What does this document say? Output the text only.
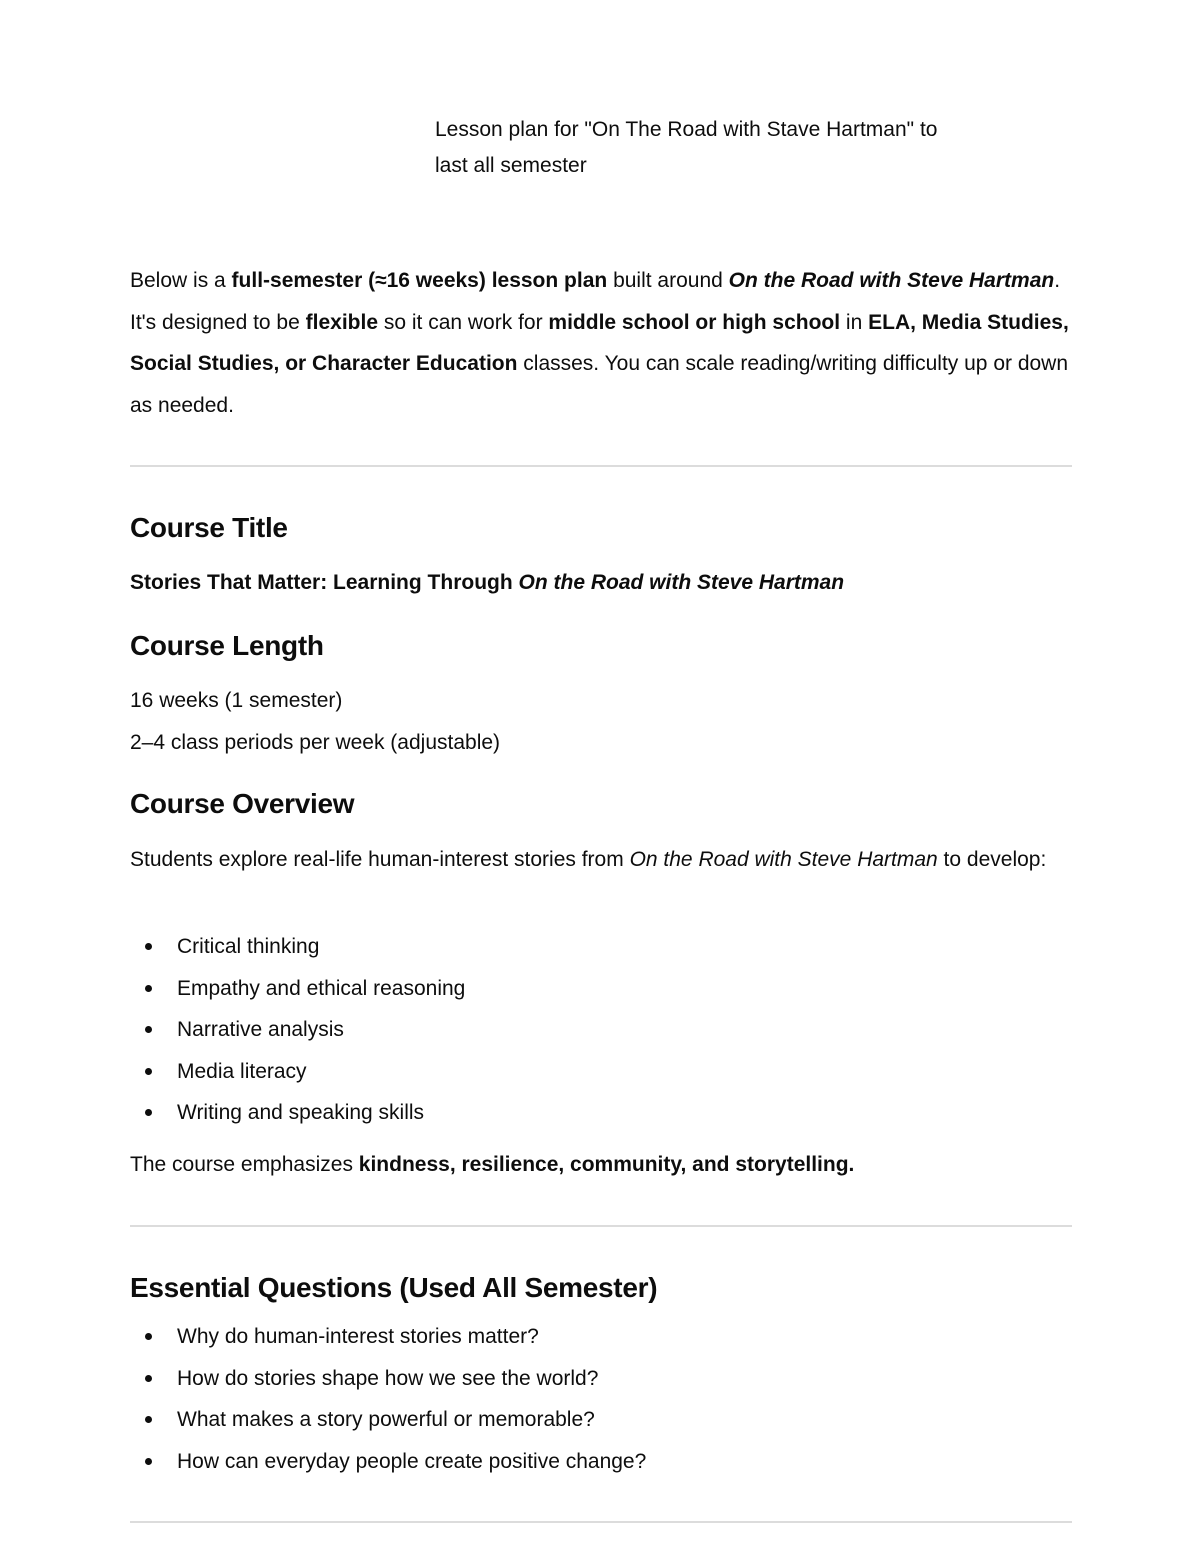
Lesson plan for "On The Road with Stave Hartman" to
last all semester

Below is a full-semester (≈16 weeks) lesson plan built around On the Road with Steve Hartman. It's designed to be flexible so it can work for middle school or high school in ELA, Media Studies, Social Studies, or Character Education classes. You can scale reading/writing difficulty up or down as needed.

Course Title

Stories That Matter: Learning Through On the Road with Steve Hartman

Course Length

16 weeks (1 semester)

2–4 class periods per week (adjustable)

Course Overview

Students explore real-life human-interest stories from On the Road with Steve Hartman to develop:

Critical thinking
Empathy and ethical reasoning
Narrative analysis
Media literacy
Writing and speaking skills

The course emphasizes kindness, resilience, community, and storytelling.

Essential Questions (Used All Semester)
Why do human-interest stories matter?
How do stories shape how we see the world?
What makes a story powerful or memorable?
How can everyday people create positive change?
